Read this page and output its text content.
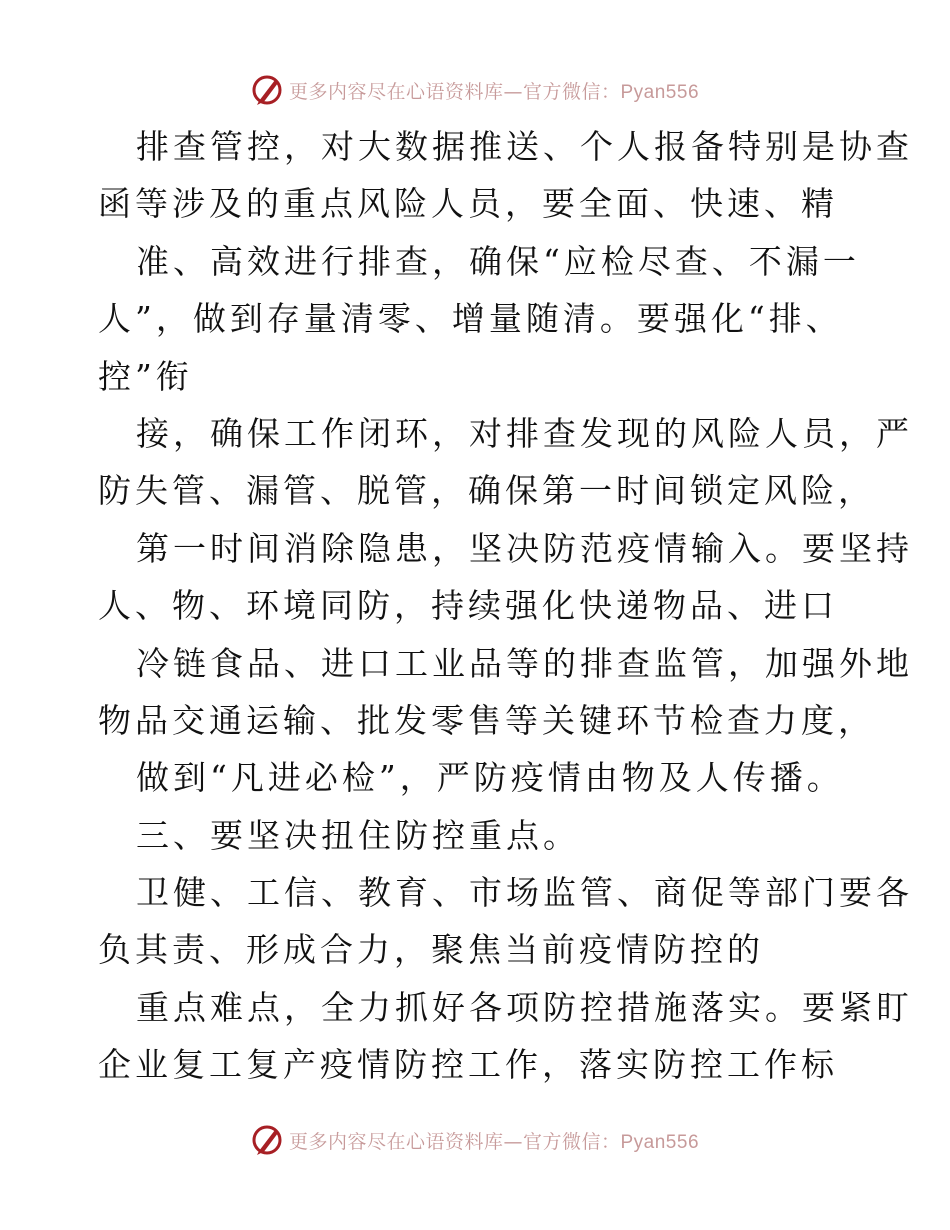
更多内容尽在心语资料库—官方微信：Pyan556
排查管控，对大数据推送、个人报备特别是协查
函等涉及的重点风险人员，要全面、快速、精
准、高效进行排查，确保“应检尽查、不漏一
人”，做到存量清零、增量随清。要强化“排、
控”衔
接，确保工作闭环，对排查发现的风险人员，严
防失管、漏管、脱管，确保第一时间锁定风险，
第一时间消除隐患，坚决防范疫情输入。要坚持
人、物、环境同防，持续强化快递物品、进口
冷链食品、进口工业品等的排查监管，加强外地
物品交通运输、批发零售等关键环节检查力度，
做到“凡进必检”，严防疫情由物及人传播。
三、要坚决扭住防控重点。
卫健、工信、教育、市场监管、商促等部门要各
负其责、形成合力，聚焦当前疫情防控的
重点难点，全力抓好各项防控措施落实。要紧盯
企业复工复产疫情防控工作，落实防控工作标
更多内容尽在心语资料库—官方微信：Pyan556
